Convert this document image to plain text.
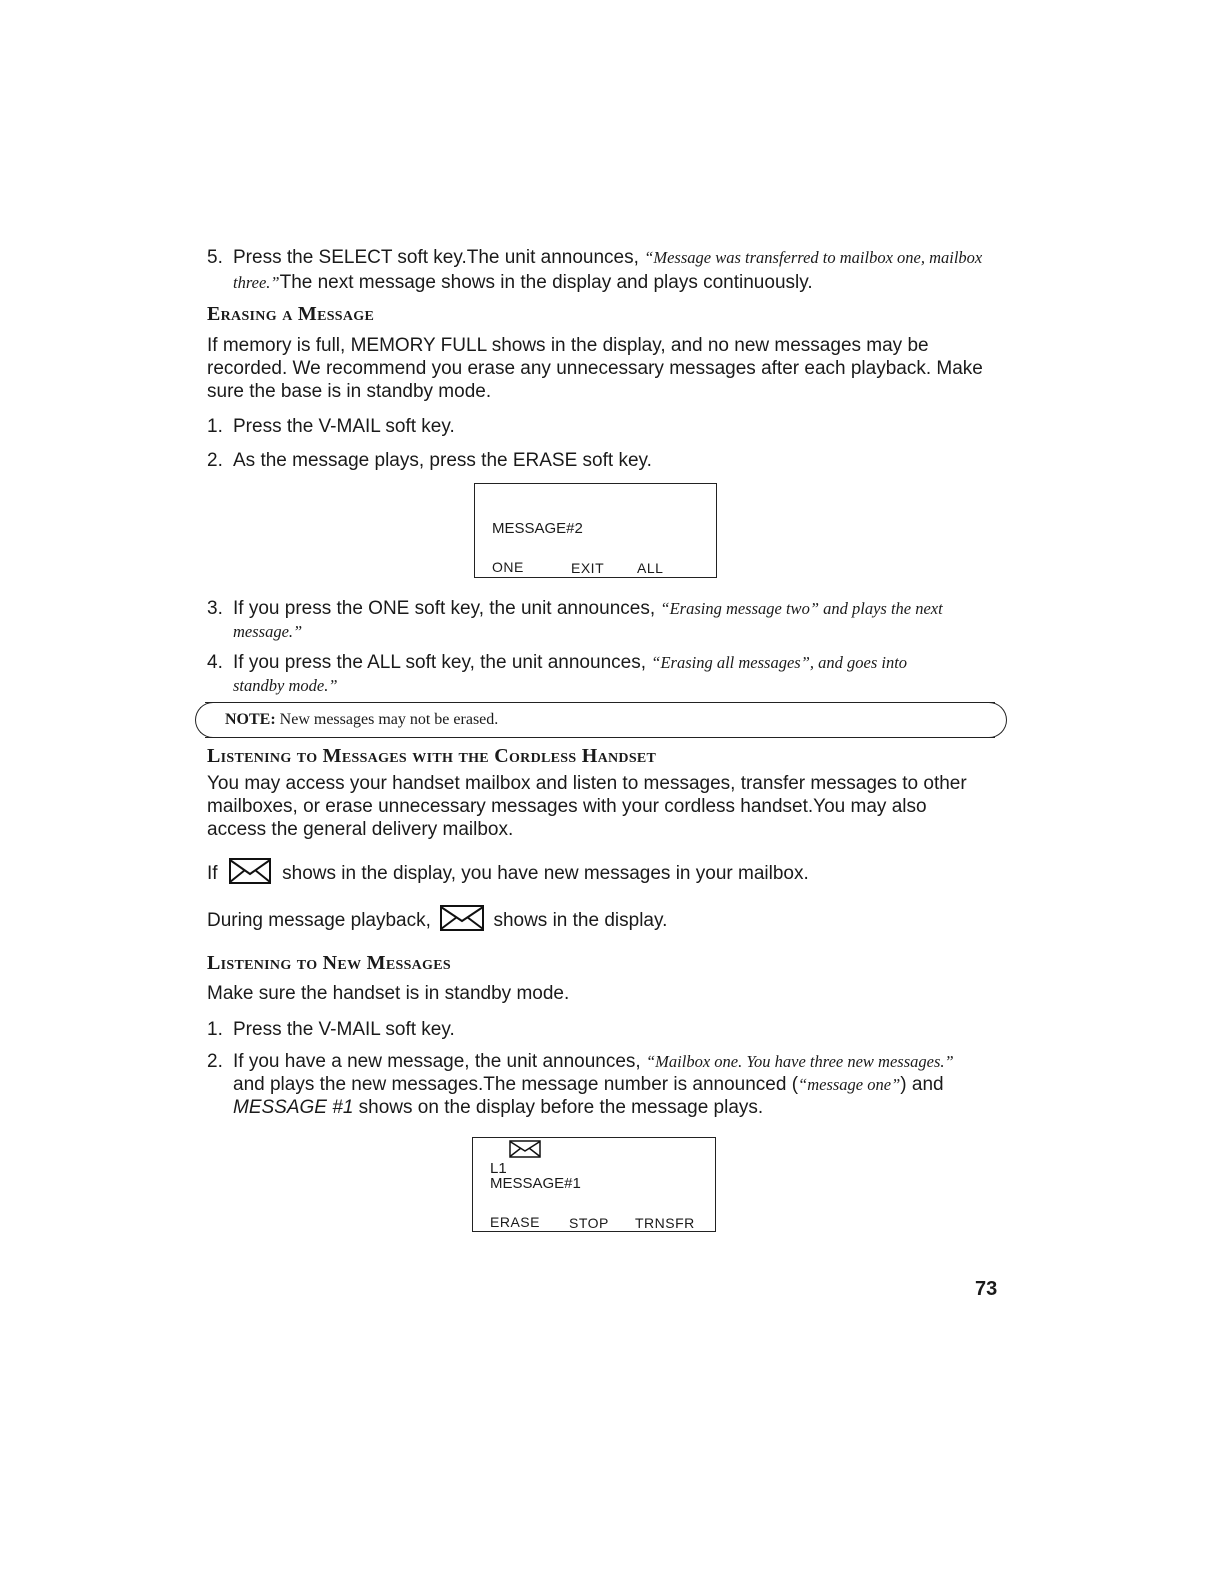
5. Press the SELECT soft key.The unit announces, “Message was transferred to mailbox one, mailbox
three.”The next message shows in the display and plays continuously.
Erasing a Message
If memory is full, MEMORY FULL shows in the display, and no new messages may be
recorded. We recommend you erase any unnecessary messages after each playback. Make
sure the base is in standby mode.
1. Press the V-MAIL soft key.
2. As the message plays, press the ERASE soft key.
MESSAGE#2
ONE	EXIT ALL
3. If you press the ONE soft key, the unit announces, “Erasing message two” and plays the next
message.”
4. If you press the ALL soft key, the unit announces, “Erasing all messages”, and goes into
standby mode.”
NOTE: New messages may not be erased.
Listening to Messages with the Cordless Handset
You may access your handset mailbox and listen to messages, transfer messages to other
mailboxes, or erase unnecessary messages with your cordless handset.You may also
access the general delivery mailbox.
If	shows in the display, you have new messages in your mailbox.
During message playback,	shows in the display.
Listening to New Messages
Make sure the handset is in standby mode.
1. Press the V-MAIL soft key.
2. If you have a new message, the unit announces, “Mailbox one. You have three new messages.”
and plays the new messages.The message number is announced (“message one”) and
MESSAGE #1 shows on the display before the message plays.
L1
MESSAGE#1
ERASE STOP TRNSFR
73
